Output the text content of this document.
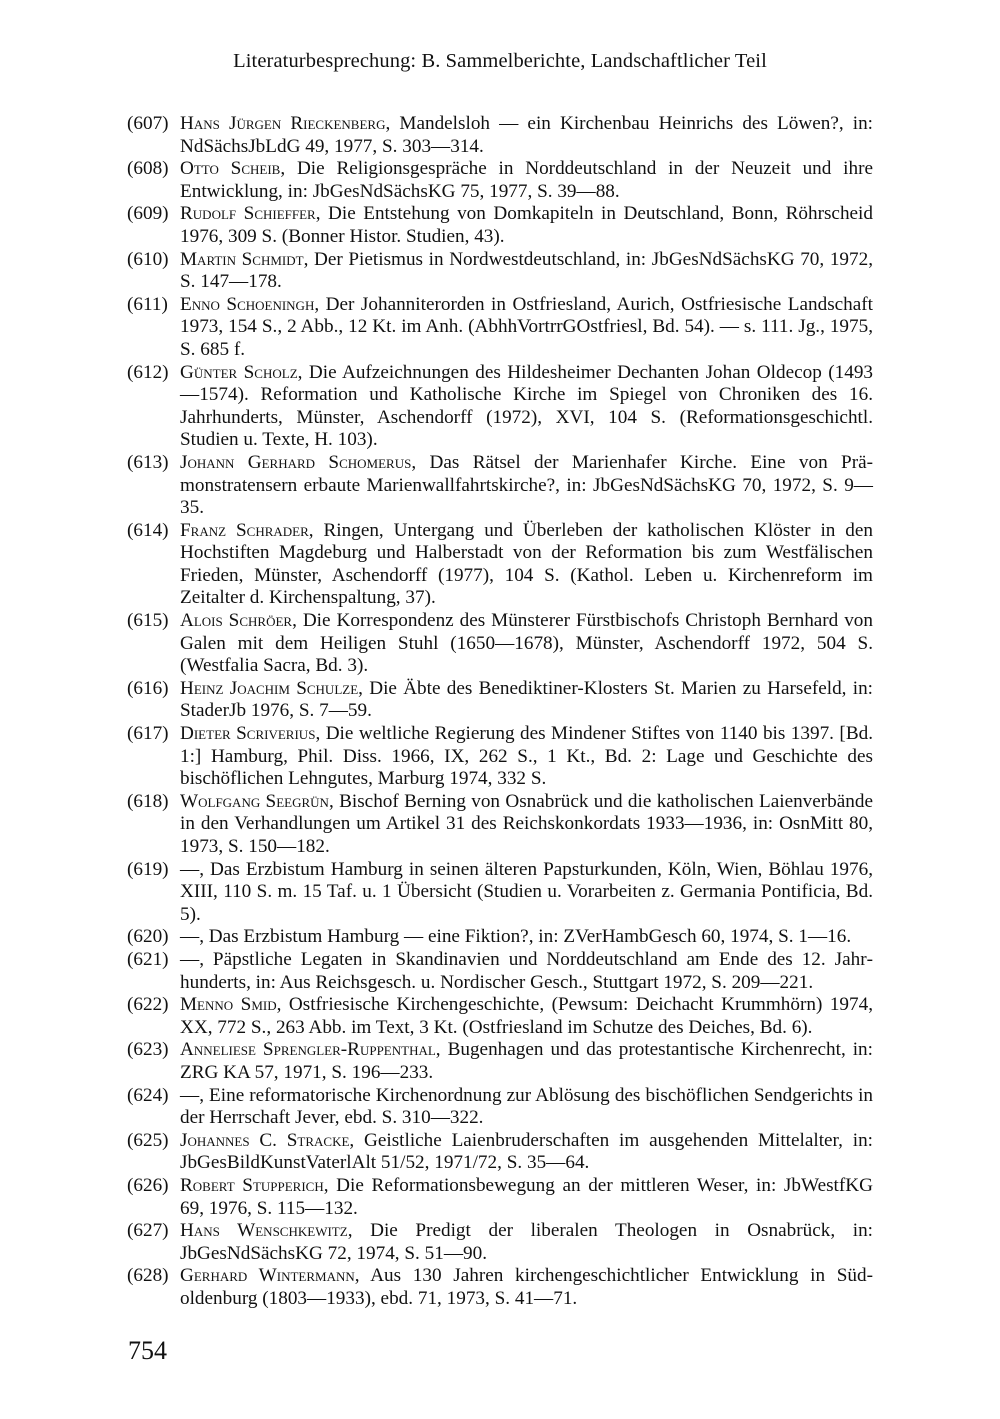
Literaturbesprechung: B. Sammelberichte, Landschaftlicher Teil
(607) Hans Jürgen Rieckenberg, Mandelsloh — ein Kirchenbau Heinrichs des Löwen?, in: NdSächsJbLdG 49, 1977, S. 303—314.
(608) Otto Scheib, Die Religionsgespräche in Norddeutschland in der Neuzeit und ihre Entwicklung, in: JbGesNdSächsKG 75, 1977, S. 39—88.
(609) Rudolf Schieffer, Die Entstehung von Domkapiteln in Deutschland, Bonn, Röhrscheid 1976, 309 S. (Bonner Histor. Studien, 43).
(610) Martin Schmidt, Der Pietismus in Nordwestdeutschland, in: JbGesNdSächsKG 70, 1972, S. 147—178.
(611) Enno Schoeningh, Der Johanniterorden in Ostfriesland, Aurich, Ostfriesische Landschaft 1973, 154 S., 2 Abb., 12 Kt. im Anh. (AbhhVortrrGOstfriesl, Bd. 54). — s. 111. Jg., 1975, S. 685 f.
(612) Günter Scholz, Die Aufzeichnungen des Hildesheimer Dechanten Johan Oldecop (1493—1574). Reformation und Katholische Kirche im Spiegel von Chroniken des 16. Jahrhunderts, Münster, Aschendorff (1972), XVI, 104 S. (Reformationsgeschichtl. Studien u. Texte, H. 103).
(613) Johann Gerhard Schomerus, Das Rätsel der Marienhafer Kirche. Eine von Prämonstratensern erbaute Marienwallfahrtskirche?, in: JbGesNdSächsKG 70, 1972, S. 9—35.
(614) Franz Schrader, Ringen, Untergang und Überleben der katholischen Klöster in den Hochstiften Magdeburg und Halberstadt von der Reformation bis zum Westfälischen Frieden, Münster, Aschendorff (1977), 104 S. (Kathol. Leben u. Kirchenreform im Zeitalter d. Kirchenspaltung, 37).
(615) Alois Schröer, Die Korrespondenz des Münsterer Fürstbischofs Christoph Bernhard von Galen mit dem Heiligen Stuhl (1650—1678), Münster, Aschendorff 1972, 504 S. (Westfalia Sacra, Bd. 3).
(616) Heinz Joachim Schulze, Die Äbte des Benediktiner-Klosters St. Marien zu Harsefeld, in: StaderJb 1976, S. 7—59.
(617) Dieter Scriverius, Die weltliche Regierung des Mindener Stiftes von 1140 bis 1397. [Bd. 1:] Hamburg, Phil. Diss. 1966, IX, 262 S., 1 Kt., Bd. 2: Lage und Geschichte des bischöflichen Lehngutes, Marburg 1974, 332 S.
(618) Wolfgang Seegrün, Bischof Berning von Osnabrück und die katholischen Laienverbände in den Verhandlungen um Artikel 31 des Reichskonkordats 1933—1936, in: OsnMitt 80, 1973, S. 150—182.
(619) —, Das Erzbistum Hamburg in seinen älteren Papsturkunden, Köln, Wien, Böhlau 1976, XIII, 110 S. m. 15 Taf. u. 1 Übersicht (Studien u. Vorarbeiten z. Germania Pontificia, Bd. 5).
(620) —, Das Erzbistum Hamburg — eine Fiktion?, in: ZVerHambGesch 60, 1974, S. 1—16.
(621) —, Päpstliche Legaten in Skandinavien und Norddeutschland am Ende des 12. Jahrhunderts, in: Aus Reichsgesch. u. Nordischer Gesch., Stuttgart 1972, S. 209—221.
(622) Menno Smid, Ostfriesische Kirchengeschichte, (Pewsum: Deichacht Krummhörn) 1974, XX, 772 S., 263 Abb. im Text, 3 Kt. (Ostfriesland im Schutze des Deiches, Bd. 6).
(623) Anneliese Sprengler-Ruppenthal, Bugenhagen und das protestantische Kirchenrecht, in: ZRG KA 57, 1971, S. 196—233.
(624) —, Eine reformatorische Kirchenordnung zur Ablösung des bischöflichen Sendgerichts in der Herrschaft Jever, ebd. S. 310—322.
(625) Johannes C. Stracke, Geistliche Laienbruderschaften im ausgehenden Mittelalter, in: JbGesBildKunstVaterlAlt 51/52, 1971/72, S. 35—64.
(626) Robert Stupperich, Die Reformationsbewegung an der mittleren Weser, in: JbWestfKG 69, 1976, S. 115—132.
(627) Hans Wenschkewitz, Die Predigt der liberalen Theologen in Osnabrück, in: JbGesNdSächsKG 72, 1974, S. 51—90.
(628) Gerhard Wintermann, Aus 130 Jahren kirchengeschichtlicher Entwicklung in Südoldenburg (1803—1933), ebd. 71, 1973, S. 41—71.
754
